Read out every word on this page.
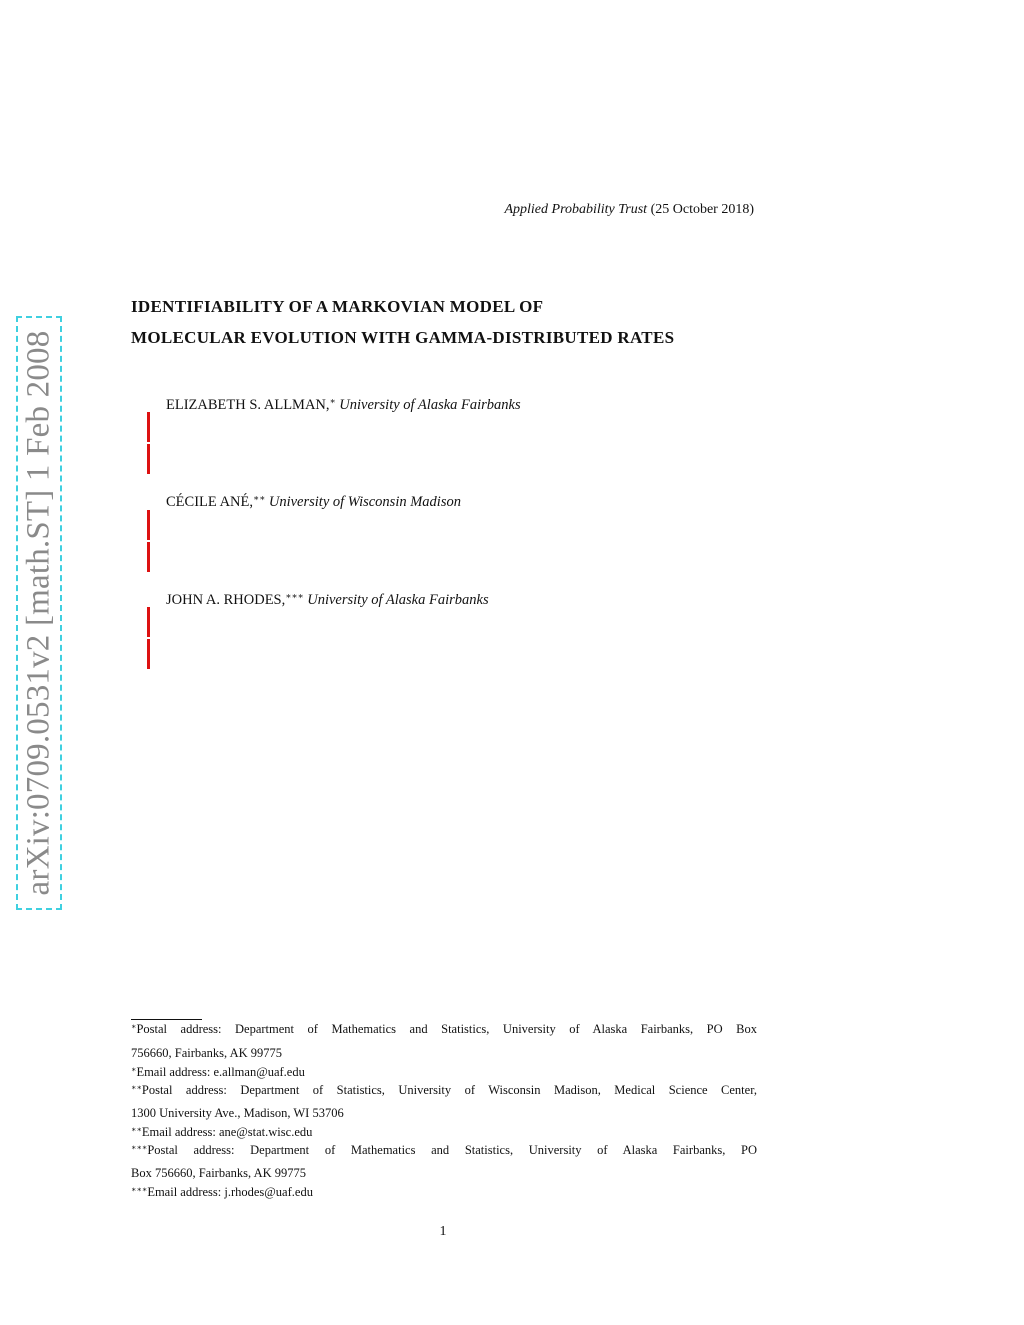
arXiv:0709.0531v2 [math.ST] 1 Feb 2008
Applied Probability Trust (25 October 2018)
IDENTIFIABILITY OF A MARKOVIAN MODEL OF
MOLECULAR EVOLUTION WITH GAMMA-DISTRIBUTED RATES
ELIZABETH S. ALLMAN,∗ University of Alaska Fairbanks
CÉCILE ANÉ,∗∗ University of Wisconsin Madison
JOHN A. RHODES,∗∗∗ University of Alaska Fairbanks
∗Postal address: Department of Mathematics and Statistics, University of Alaska Fairbanks, PO Box
756660, Fairbanks, AK 99775
∗Email address: e.allman@uaf.edu
∗∗Postal address: Department of Statistics, University of Wisconsin Madison, Medical Science Center,
1300 University Ave., Madison, WI 53706
∗∗Email address: ane@stat.wisc.edu
∗∗∗Postal address: Department of Mathematics and Statistics, University of Alaska Fairbanks, PO
Box 756660, Fairbanks, AK 99775
∗∗∗Email address: j.rhodes@uaf.edu
1
